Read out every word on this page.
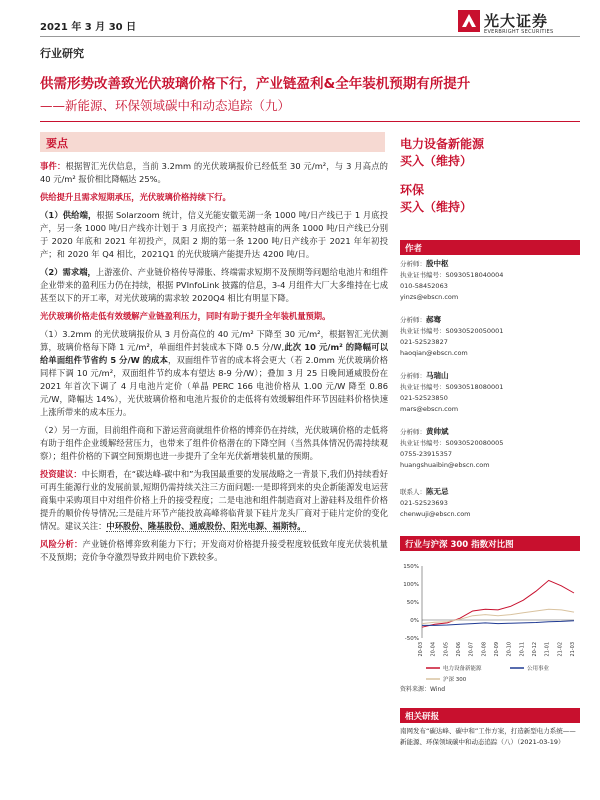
2021 年 3 月 30 日	光大证券
EVERBRIGHT SECURITIES
行业研究
供需形势改善致光伏玻璃价格下行，产业链盈利&全年装机预期有所提升
——新能源、环保领域碳中和动态追踪（九）
要点

事件：根据智汇光伏信息，当前 3.2mm 的光伏玻璃报价已经低至 30 元/m²，与 3 月高点的 40 元/m² 报价相比降幅达 25%。

供给提升且需求短期承压，光伏玻璃价格持续下行。

（1）供给端，根据 Solarzoom 统计，信义光能安徽芜湖一条 1000 吨/日产线已于 1 月底投产，另一条 1000 吨/日产线亦计划于 3 月底投产；福莱特越南的两条 1000 吨/日产线已分别于 2020 年底和 2021 年初投产，凤阳 2 期的第一条 1200 吨/日产线亦于 2021 年年初投产；和 2020 年 Q4 相比，2021Q1 的光伏玻璃产能提升达 4200 吨/日。

（2）需求端，上游涨价、产业链价格传导滞胀、终端需求短期不及预期等问题给电池片和组件企业带来的盈利压力仍在持续，根据 PVInfoLink 披露的信息，3-4 月组件大厂大多维持在七成甚至以下的开工率，对光伏玻璃的需求较 2020Q4 相比有明显下降。

光伏玻璃价格走低有效缓解产业链盈利压力，同时有助于提升全年装机量预期。

（1）3.2mm 的光伏玻璃报价从 3 月份高位的 40 元/m² 下降至 30 元/m²，根据智汇光伏测算，玻璃价格每下降 1 元/m²，单面组件封装成本下降 0.5 分/W,此次 10 元/m² 的降幅可以给单面组件节省约 5 分/W 的成本，双面组件节省的成本将会更大（若 2.0mm 光伏玻璃价格同样下调 10 元/m²，双面组件节约成本有望达 8-9 分/W）；叠加 3 月 25 日晚间通威股份在 2021 年首次下调了 4 月电池片定价（单晶 PERC 166 电池价格从 1.00 元/W 降至 0.86 元/W，降幅达 14%），光伏玻璃价格和电池片报价的走低将有效缓解组件环节因硅料价格快速上涨所带来的成本压力。

（2）另一方面，目前组件商和下游运营商就组件价格的博弈仍在持续，光伏玻璃价格的走低将有助于组件企业缓解经营压力，也带来了组件价格潜在的下降空间（当然具体情况仍需持续观察）；组件价格的下调空间预期也进一步提升了全年光伏新增装机量的预期。

投资建议：中长期看，在“碳达峰-碳中和”为我国最重要的发展战略之一背景下,我们仍持续看好可再生能源行业的发展前景,短期仍需持续关注三方面问题:一是即将到来的央企新能源发电运营商集中采购项目中对组件价格上升的接受程度；二是电池和组件制造商对上游硅料及组件价格提升的顺价传导情况;三是硅片环节产能投放高峰将临背景下硅片龙头厂商对于硅片定价的变化情况。建议关注：中环股份、隆基股份、通威股份、阳光电源、福斯特。

风险分析：产业链价格博弈致利能力下行；开发商对价格提升接受程度较低致年度光伏装机量不及预期；竞价争夺激烈导致并网电价下跌较多。

电力设备新能源
买入（维持）
环保
买入（维持）
作者
分析师：殷中枢
执业证书编号：S0930518040004
010-58452063
yinzs@ebscn.com
分析师：郝骞
执业证书编号：S0930520050001
021-52523827
haoqian@ebscn.com
分析师：马瑞山
执业证书编号：S0930518080001
021-52523850
mars@ebscn.com
分析师：黄帅斌
执业证书编号：S0930520080005
0755-23915357
huangshuaibin@ebscn.com
联系人：陈无忌
021-52523693
chenwuji@ebscn.com
行业与沪深 300 指数对比图
-50%
0%
50%
100%
150%
20-03 20-04 20-05 20-06 20-07 20-08 20-09 20-10 20-11 20-12 21-01 21-02 21-03
电力设备新能源	公用事业
沪深 300
资料来源：Wind
相关研报
南网发布“碳达峰、碳中和”工作方案，打造新型电力系统——新能源、环保领域碳中和动态追踪（八）（2021-03-19）
